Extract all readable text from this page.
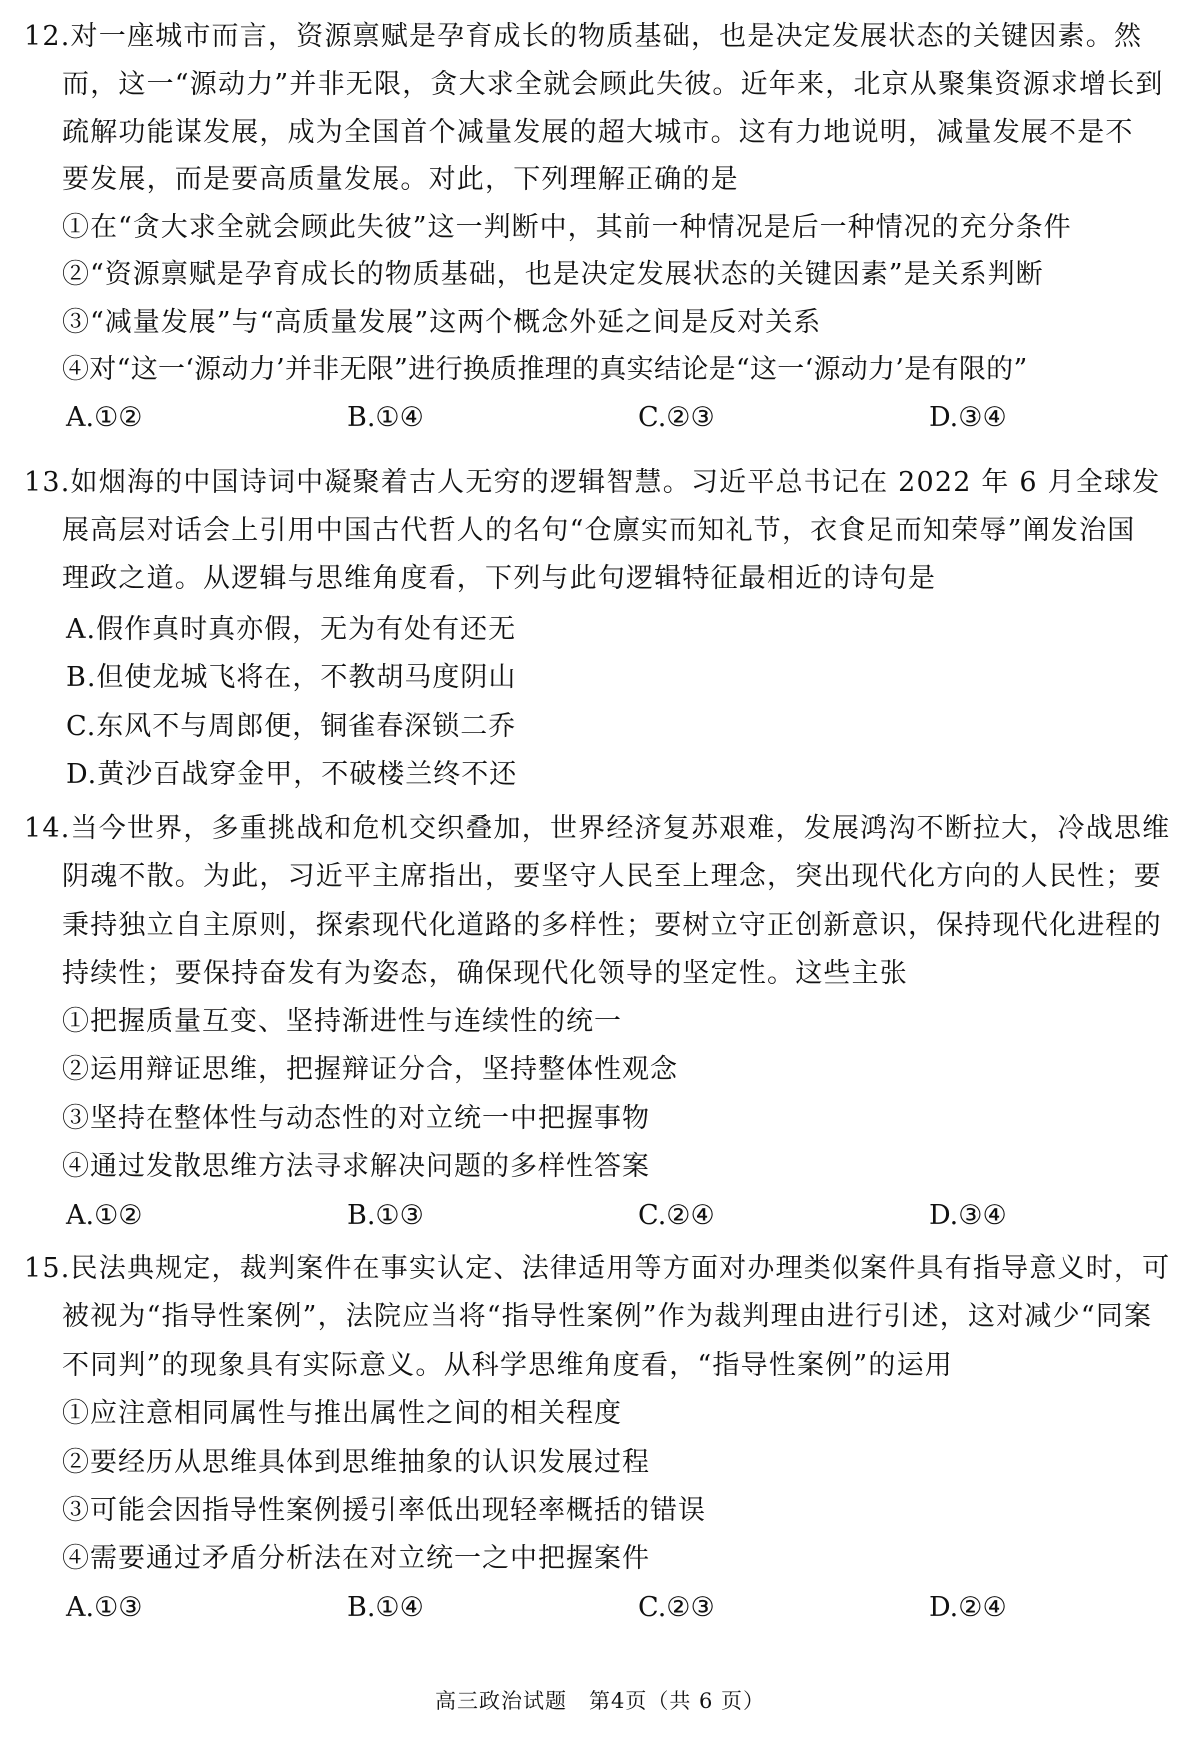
12.对一座城市而言，资源禀赋是孕育成长的物质基础，也是决定发展状态的关键因素。然
而，这一“源动力”并非无限，贪大求全就会顾此失彼。近年来，北京从聚集资源求增长到
疏解功能谋发展，成为全国首个减量发展的超大城市。这有力地说明，减量发展不是不
要发展，而是要高质量发展。对此，下列理解正确的是
①在“贪大求全就会顾此失彼”这一判断中，其前一种情况是后一种情况的充分条件
②“资源禀赋是孕育成长的物质基础，也是决定发展状态的关键因素”是关系判断
③“减量发展”与“高质量发展”这两个概念外延之间是反对关系
④对“这一‘源动力’并非无限”进行换质推理的真实结论是“这一‘源动力’是有限的”
A.①②	B.①④	C.②③	D.③④
13.如烟海的中国诗词中凝聚着古人无穷的逻辑智慧。习近平总书记在 2022 年 6 月全球发
展高层对话会上引用中国古代哲人的名句“仓廪实而知礼节，衣食足而知荣辱”阐发治国
理政之道。从逻辑与思维角度看，下列与此句逻辑特征最相近的诗句是
A.假作真时真亦假，无为有处有还无
B.但使龙城飞将在，不教胡马度阴山
C.东风不与周郎便，铜雀春深锁二乔
D.黄沙百战穿金甲，不破楼兰终不还
14.当今世界，多重挑战和危机交织叠加，世界经济复苏艰难，发展鸿沟不断拉大，冷战思维
阴魂不散。为此，习近平主席指出，要坚守人民至上理念，突出现代化方向的人民性；要
秉持独立自主原则，探索现代化道路的多样性；要树立守正创新意识，保持现代化进程的
持续性；要保持奋发有为姿态，确保现代化领导的坚定性。这些主张
①把握质量互变、坚持渐进性与连续性的统一
②运用辩证思维，把握辩证分合，坚持整体性观念
③坚持在整体性与动态性的对立统一中把握事物
④通过发散思维方法寻求解决问题的多样性答案
A.①②	B.①③	C.②④	D.③④
15.民法典规定，裁判案件在事实认定、法律适用等方面对办理类似案件具有指导意义时，可
被视为“指导性案例”，法院应当将“指导性案例”作为裁判理由进行引述，这对减少“同案
不同判”的现象具有实际意义。从科学思维角度看，“指导性案例”的运用
①应注意相同属性与推出属性之间的相关程度
②要经历从思维具体到思维抽象的认识发展过程
③可能会因指导性案例援引率低出现轻率概括的错误
④需要通过矛盾分析法在对立统一之中把握案件
A.①③	B.①④	C.②③	D.②④
高三政治试题　第4页（共 6 页）
